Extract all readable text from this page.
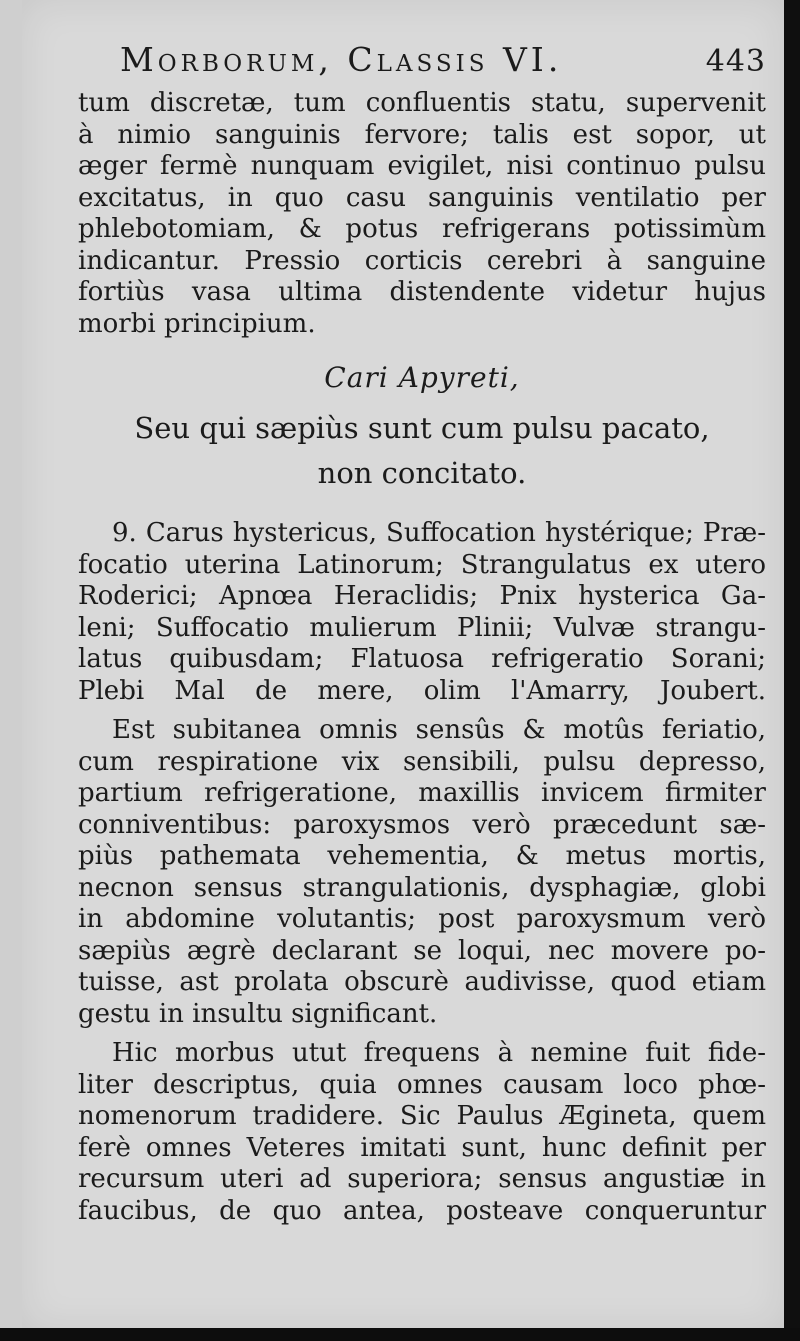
Morborum, Classis VI.	443
tum discretæ, tum confluentis statu, supervenit
à nimio sanguinis fervore; talis est sopor, ut
æger fermè nunquam evigilet, nisi continuo pulsu
excitatus, in quo casu sanguinis ventilatio per
phlebotomiam, & potus refrigerans potissimùm
indicantur. Pressio corticis cerebri à sanguine
fortiùs vasa ultima distendente videtur hujus
morbi principium.
Cari Apyreti,
Seu qui sæpiùs sunt cum pulsu pacato,
non concitato.
9. Carus hystericus, Suffocation hystérique; Præ-
focatio uterina Latinorum; Strangulatus ex utero
Roderici; Apnœa Heraclidis; Pnix hysterica Ga-
leni; Suffocatio mulierum Plinii; Vulvæ strangu-
latus quibusdam; Flatuosa refrigeratio Sorani;
Plebi Mal de mere, olim l'Amarry, Joubert.
Est subitanea omnis sensûs & motûs feriatio,
cum respiratione vix sensibili, pulsu depresso,
partium refrigeratione, maxillis invicem firmiter
conniventibus: paroxysmos verò præcedunt sæ-
piùs pathemata vehementia, & metus mortis,
necnon sensus strangulationis, dysphagiæ, globi
in abdomine volutantis; post paroxysmum verò
sæpiùs ægrè declarant se loqui, nec movere po-
tuisse, ast prolata obscurè audivisse, quod etiam
gestu in insultu significant.
Hic morbus utut frequens à nemine fuit fide-
liter descriptus, quia omnes causam loco phœ-
nomenorum tradidere. Sic Paulus Ægineta, quem
ferè omnes Veteres imitati sunt, hunc definit per
recursum uteri ad superiora; sensus angustiæ in
faucibus, de quo antea, posteave conqueruntur
